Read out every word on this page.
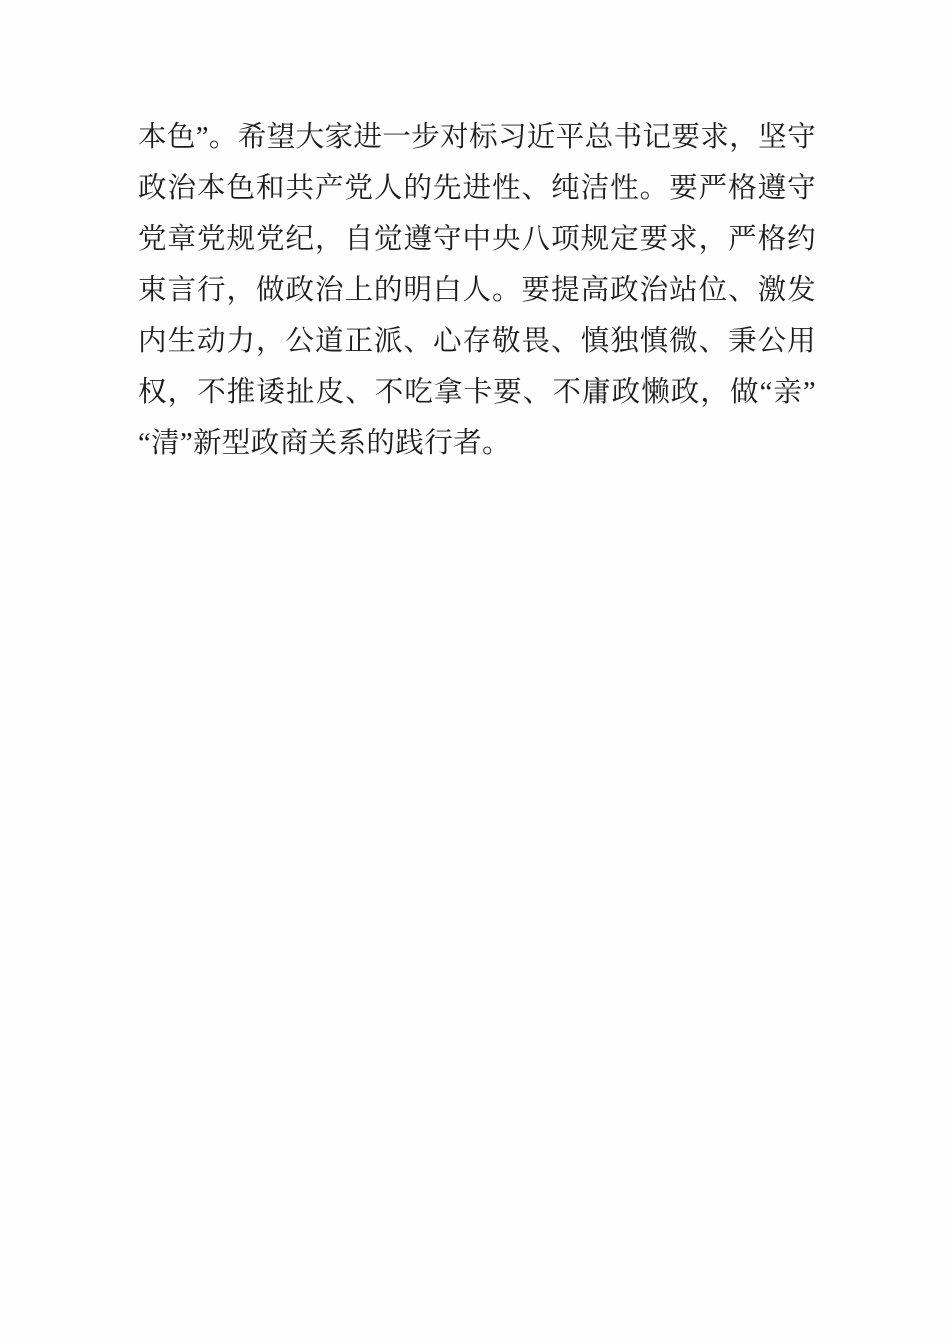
本色”。希望大家进一步对标习近平总书记要求，坚守政治本色和共产党人的先进性、纯洁性。要严格遵守党章党规党纪，自觉遵守中央八项规定要求，严格约束言行，做政治上的明白人。要提高政治站位、激发内生动力，公道正派、心存敬畏、慎独慎微、秉公用权，不推诿扯皮、不吃拿卡要、不庸政懒政，做“亲”“清”新型政商关系的践行者。
